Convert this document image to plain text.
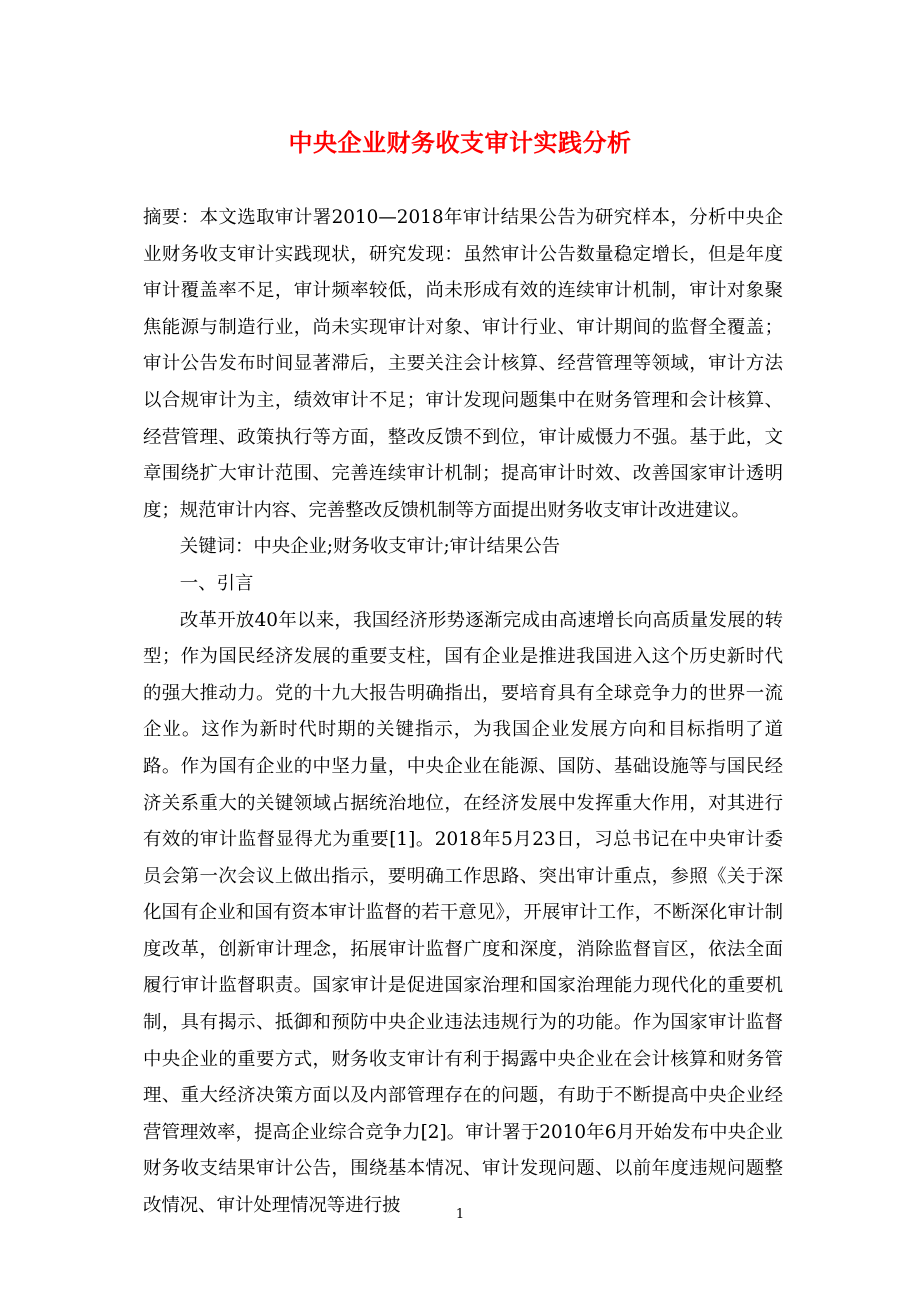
中央企业财务收支审计实践分析

摘要：本文选取审计署2010—2018年审计结果公告为研究样本，分析中央企业财务收支审计实践现状，研究发现：虽然审计公告数量稳定增长，但是年度审计覆盖率不足，审计频率较低，尚未形成有效的连续审计机制，审计对象聚焦能源与制造行业，尚未实现审计对象、审计行业、审计期间的监督全覆盖；审计公告发布时间显著滞后，主要关注会计核算、经营管理等领域，审计方法以合规审计为主，绩效审计不足；审计发现问题集中在财务管理和会计核算、经营管理、政策执行等方面，整改反馈不到位，审计威慑力不强。基于此，文章围绕扩大审计范围、完善连续审计机制；提高审计时效、改善国家审计透明度；规范审计内容、完善整改反馈机制等方面提出财务收支审计改进建议。

关键词：中央企业;财务收支审计;审计结果公告

一、引言

改革开放40年以来，我国经济形势逐渐完成由高速增长向高质量发展的转型；作为国民经济发展的重要支柱，国有企业是推进我国进入这个历史新时代的强大推动力。党的十九大报告明确指出，要培育具有全球竞争力的世界一流企业。这作为新时代时期的关键指示，为我国企业发展方向和目标指明了道路。作为国有企业的中坚力量，中央企业在能源、国防、基础设施等与国民经济关系重大的关键领域占据统治地位，在经济发展中发挥重大作用，对其进行有效的审计监督显得尤为重要[1]。2018年5月23日，习总书记在中央审计委员会第一次会议上做出指示，要明确工作思路、突出审计重点，参照《关于深化国有企业和国有资本审计监督的若干意见》，开展审计工作，不断深化审计制度改革，创新审计理念，拓展审计监督广度和深度，消除监督盲区，依法全面履行审计监督职责。国家审计是促进国家治理和国家治理能力现代化的重要机制，具有揭示、抵御和预防中央企业违法违规行为的功能。作为国家审计监督中央企业的重要方式，财务收支审计有利于揭露中央企业在会计核算和财务管理、重大经济决策方面以及内部管理存在的问题，有助于不断提高中央企业经营管理效率，提高企业综合竞争力[2]。审计署于2010年6月开始发布中央企业财务收支结果审计公告，围绕基本情况、审计发现问题、以前年度违规问题整改情况、审计处理情况等进行披	1
